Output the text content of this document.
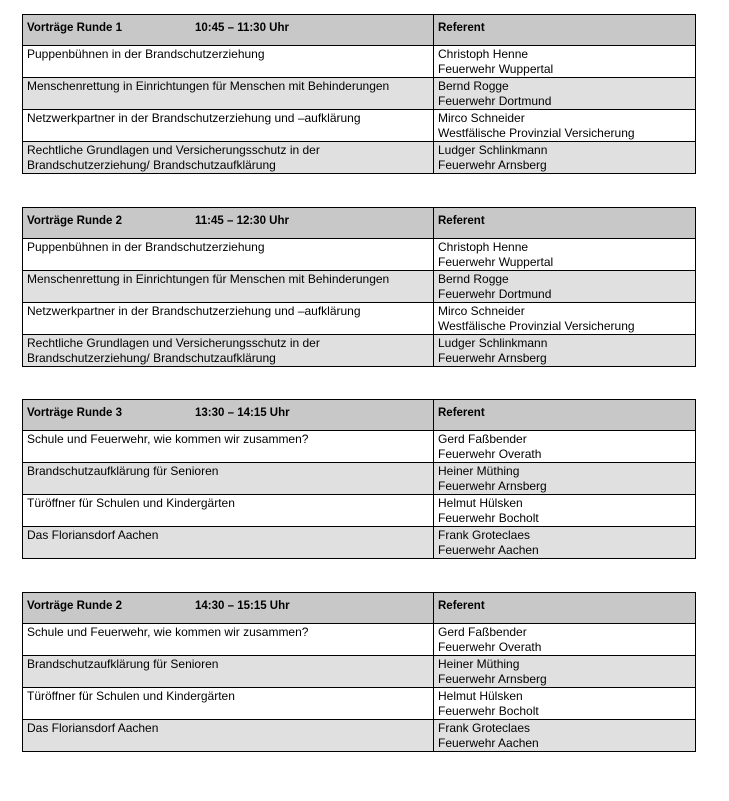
Vorträge Runde 1 10:45 – 11:30 Uhr	Referent

Puppenbühnen in der Brandschutzerziehung	Christoph Henne
Feuerwehr Wuppertal

Menschenrettung in Einrichtungen für Menschen mit Behinderungen	Bernd Rogge
Feuerwehr Dortmund

Netzwerkpartner in der Brandschutzerziehung und –aufklärung	Mirco Schneider
Westfälische Provinzial Versicherung

Rechtliche Grundlagen und Versicherungsschutz in der Brandschutzerziehung/ Brandschutzaufklärung	Ludger Schlinkmann
Feuerwehr Arnsberg
Vorträge Runde 2 11:45 – 12:30 Uhr	Referent

Puppenbühnen in der Brandschutzerziehung	Christoph Henne
Feuerwehr Wuppertal

Menschenrettung in Einrichtungen für Menschen mit Behinderungen	Bernd Rogge
Feuerwehr Dortmund

Netzwerkpartner in der Brandschutzerziehung und –aufklärung	Mirco Schneider
Westfälische Provinzial Versicherung

Rechtliche Grundlagen und Versicherungsschutz in der Brandschutzerziehung/ Brandschutzaufklärung	Ludger Schlinkmann
Feuerwehr Arnsberg
Vorträge Runde 3 13:30 – 14:15 Uhr	Referent

Schule und Feuerwehr, wie kommen wir zusammen?	Gerd Faßbender
Feuerwehr Overath

Brandschutzaufklärung für Senioren	Heiner Müthing
Feuerwehr Arnsberg

Türöffner für Schulen und Kindergärten	Helmut Hülsken
Feuerwehr Bocholt

Das Floriansdorf Aachen	Frank Groteclaes
Feuerwehr Aachen
Vorträge Runde 2 14:30 – 15:15 Uhr	Referent

Schule und Feuerwehr, wie kommen wir zusammen?	Gerd Faßbender
Feuerwehr Overath

Brandschutzaufklärung für Senioren	Heiner Müthing
Feuerwehr Arnsberg

Türöffner für Schulen und Kindergärten	Helmut Hülsken
Feuerwehr Bocholt

Das Floriansdorf Aachen	Frank Groteclaes
Feuerwehr Aachen
